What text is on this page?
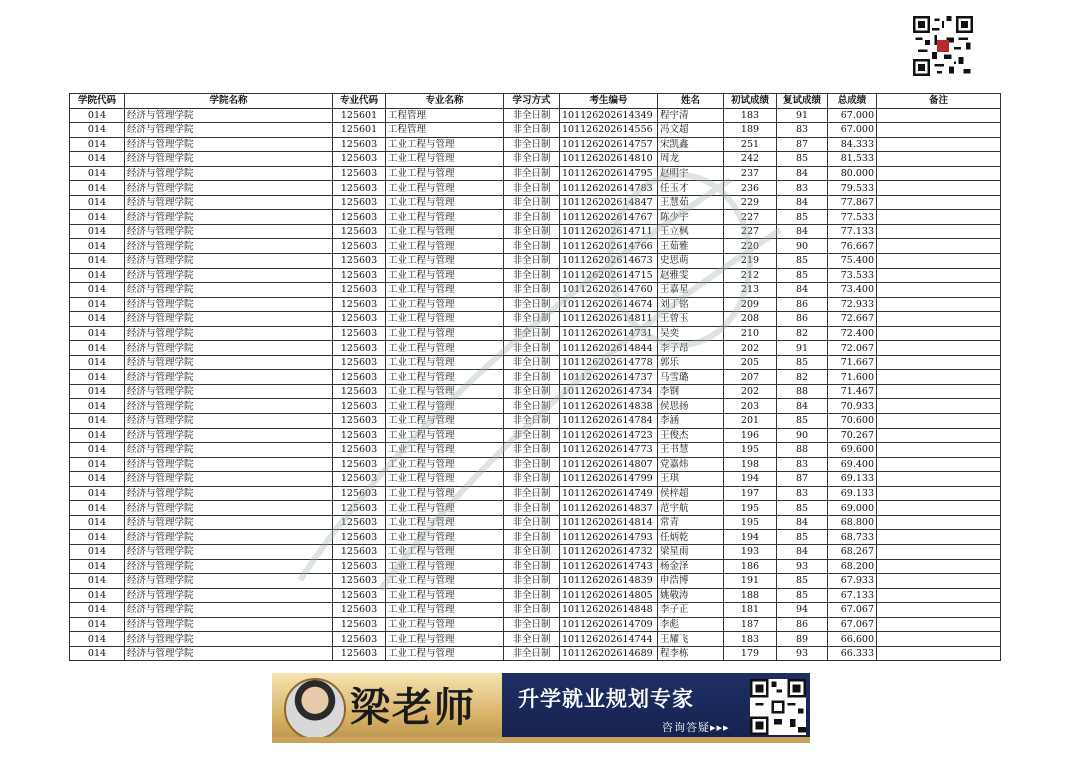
学院代码	学院名称	专业代码	专业名称	学习方式	考生编号	姓名	初试成绩	复试成绩	总成绩	备注
014	经济与管理学院	125601	工程管理	非全日制	101126202614349	程宇清	183	91	67.000	
014	经济与管理学院	125601	工程管理	非全日制	101126202614556	冯文超	189	83	67.000	
014	经济与管理学院	125603	工业工程与管理	非全日制	101126202614757	宋凯鑫	251	87	84.333	
014	经济与管理学院	125603	工业工程与管理	非全日制	101126202614810	周龙	242	85	81.533	
014	经济与管理学院	125603	工业工程与管理	非全日制	101126202614795	赵明宇	237	84	80.000	
014	经济与管理学院	125603	工业工程与管理	非全日制	101126202614783	任玉才	236	83	79.533	
014	经济与管理学院	125603	工业工程与管理	非全日制	101126202614847	王慧茹	229	84	77.867	
014	经济与管理学院	125603	工业工程与管理	非全日制	101126202614767	陈少宇	227	85	77.533	
014	经济与管理学院	125603	工业工程与管理	非全日制	101126202614711	王立枫	227	84	77.133	
014	经济与管理学院	125603	工业工程与管理	非全日制	101126202614766	王茹雅	220	90	76.667	
014	经济与管理学院	125603	工业工程与管理	非全日制	101126202614673	史思萌	219	85	75.400	
014	经济与管理学院	125603	工业工程与管理	非全日制	101126202614715	赵雅雯	212	85	73.533	
014	经济与管理学院	125603	工业工程与管理	非全日制	101126202614760	王嘉星	213	84	73.400	
014	经济与管理学院	125603	工业工程与管理	非全日制	101126202614674	刘丁铭	209	86	72.933	
014	经济与管理学院	125603	工业工程与管理	非全日制	101126202614811	王曾玉	208	86	72.667	
014	经济与管理学院	125603	工业工程与管理	非全日制	101126202614731	吴奕	210	82	72.400	
014	经济与管理学院	125603	工业工程与管理	非全日制	101126202614844	李子昂	202	91	72.067	
014	经济与管理学院	125603	工业工程与管理	非全日制	101126202614778	郭乐	205	85	71.667	
014	经济与管理学院	125603	工业工程与管理	非全日制	101126202614737	马雪璐	207	82	71.600	
014	经济与管理学院	125603	工业工程与管理	非全日制	101126202614734	李钢	202	88	71.467	
014	经济与管理学院	125603	工业工程与管理	非全日制	101126202614838	侯思扬	203	84	70.933	
014	经济与管理学院	125603	工业工程与管理	非全日制	101126202614784	李涵	201	85	70.600	
014	经济与管理学院	125603	工业工程与管理	非全日制	101126202614723	王俊杰	196	90	70.267	
014	经济与管理学院	125603	工业工程与管理	非全日制	101126202614773	王书慧	195	88	69.600	
014	经济与管理学院	125603	工业工程与管理	非全日制	101126202614807	党嘉炜	198	83	69.400	
014	经济与管理学院	125603	工业工程与管理	非全日制	101126202614799	王琪	194	87	69.133	
014	经济与管理学院	125603	工业工程与管理	非全日制	101126202614749	侯梓超	197	83	69.133	
014	经济与管理学院	125603	工业工程与管理	非全日制	101126202614837	范宇航	195	85	69.000	
014	经济与管理学院	125603	工业工程与管理	非全日制	101126202614814	常青	195	84	68.800	
014	经济与管理学院	125603	工业工程与管理	非全日制	101126202614793	任炳乾	194	85	68.733	
014	经济与管理学院	125603	工业工程与管理	非全日制	101126202614732	梁星雨	193	84	68.267	
014	经济与管理学院	125603	工业工程与管理	非全日制	101126202614743	杨金泽	186	93	68.200	
014	经济与管理学院	125603	工业工程与管理	非全日制	101126202614839	申浩博	191	85	67.933	
014	经济与管理学院	125603	工业工程与管理	非全日制	101126202614805	姚敬涛	188	85	67.133	
014	经济与管理学院	125603	工业工程与管理	非全日制	101126202614848	李子正	181	94	67.067	
014	经济与管理学院	125603	工业工程与管理	非全日制	101126202614709	李彪	187	86	67.067	
014	经济与管理学院	125603	工业工程与管理	非全日制	101126202614744	王耀飞	183	89	66.600	
014	经济与管理学院	125603	工业工程与管理	非全日制	101126202614689	程李栋	179	93	66.333	
梁老师 升学就业规划专家
咨询答疑▸▸▸
